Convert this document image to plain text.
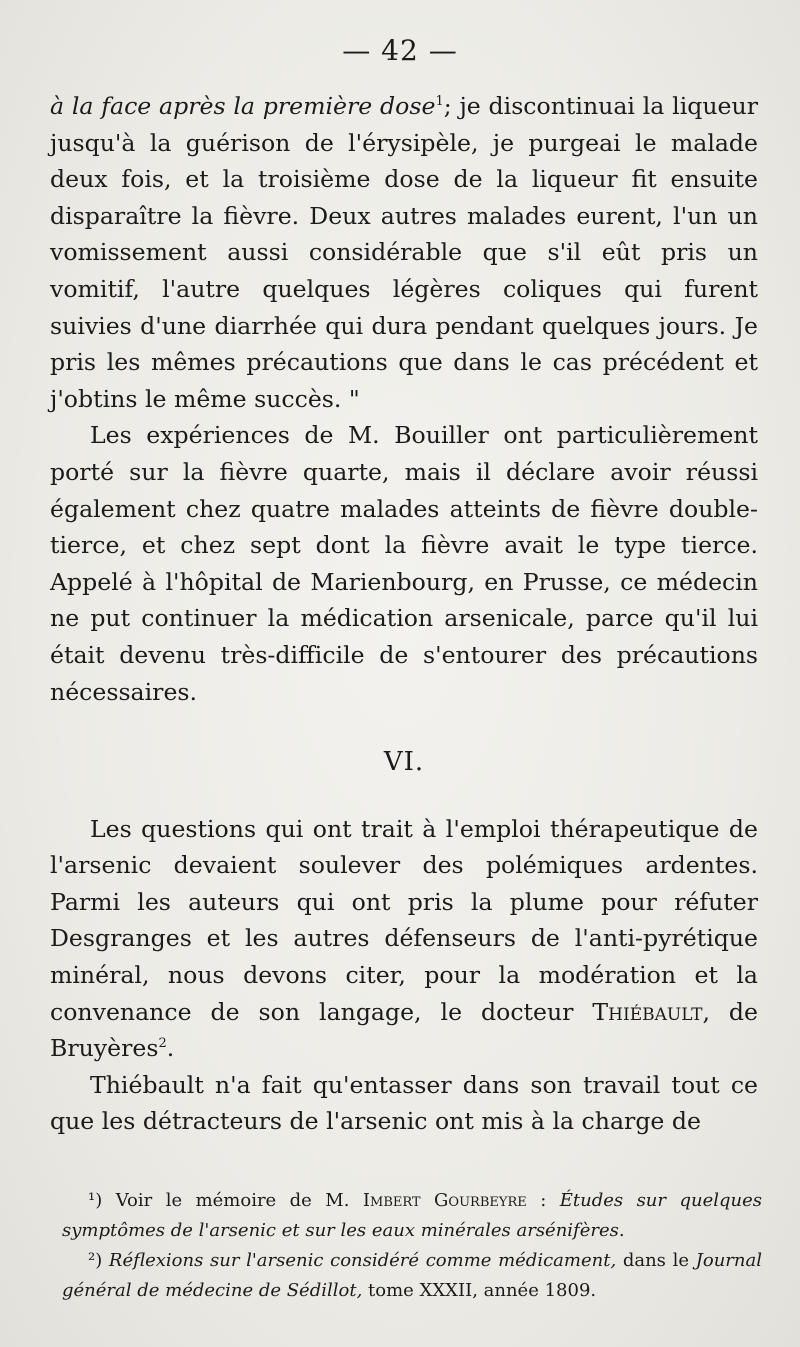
— 42 —

à la face après la première dose$^1$; je discontinuai la liqueur jusqu'à la guérison de l'érysipèle, je purgeai le malade deux fois, et la troisième dose de la liqueur fit ensuite disparaître la fièvre. Deux autres malades eurent, l'un un vomissement aussi considérable que s'il eût pris un vomitif, l'autre quelques légères coliques qui furent suivies d'une diarrhée qui dura pendant quelques jours. Je pris les mêmes précautions que dans le cas précédent et j'obtins le même succès. "

Les expériences de M. Bouiller ont particulièrement porté sur la fièvre quarte, mais il déclare avoir réussi également chez quatre malades atteints de fièvre double-tierce, et chez sept dont la fièvre avait le type tierce. Appelé à l'hôpital de Marienbourg, en Prusse, ce médecin ne put continuer la médication arsenicale, parce qu'il lui était devenu très-difficile de s'entourer des précautions nécessaires.

VI.

Les questions qui ont trait à l'emploi thérapeutique de l'arsenic devaient soulever des polémiques ardentes. Parmi les auteurs qui ont pris la plume pour réfuter Desgranges et les autres défenseurs de l'anti-pyrétique minéral, nous devons citer, pour la modération et la convenance de son langage, le docteur Thiébault, de Bruyères$^2$.

Thiébault n'a fait qu'entasser dans son travail tout ce que les détracteurs de l'arsenic ont mis à la charge de

¹) Voir le mémoire de M. Imbert Gourbeyre : Études sur quelques symptômes de l'arsenic et sur les eaux minérales arsénifères.

²) Réflexions sur l'arsenic considéré comme médicament, dans le Journal général de médecine de Sédillot, tome XXXII, année 1809.
